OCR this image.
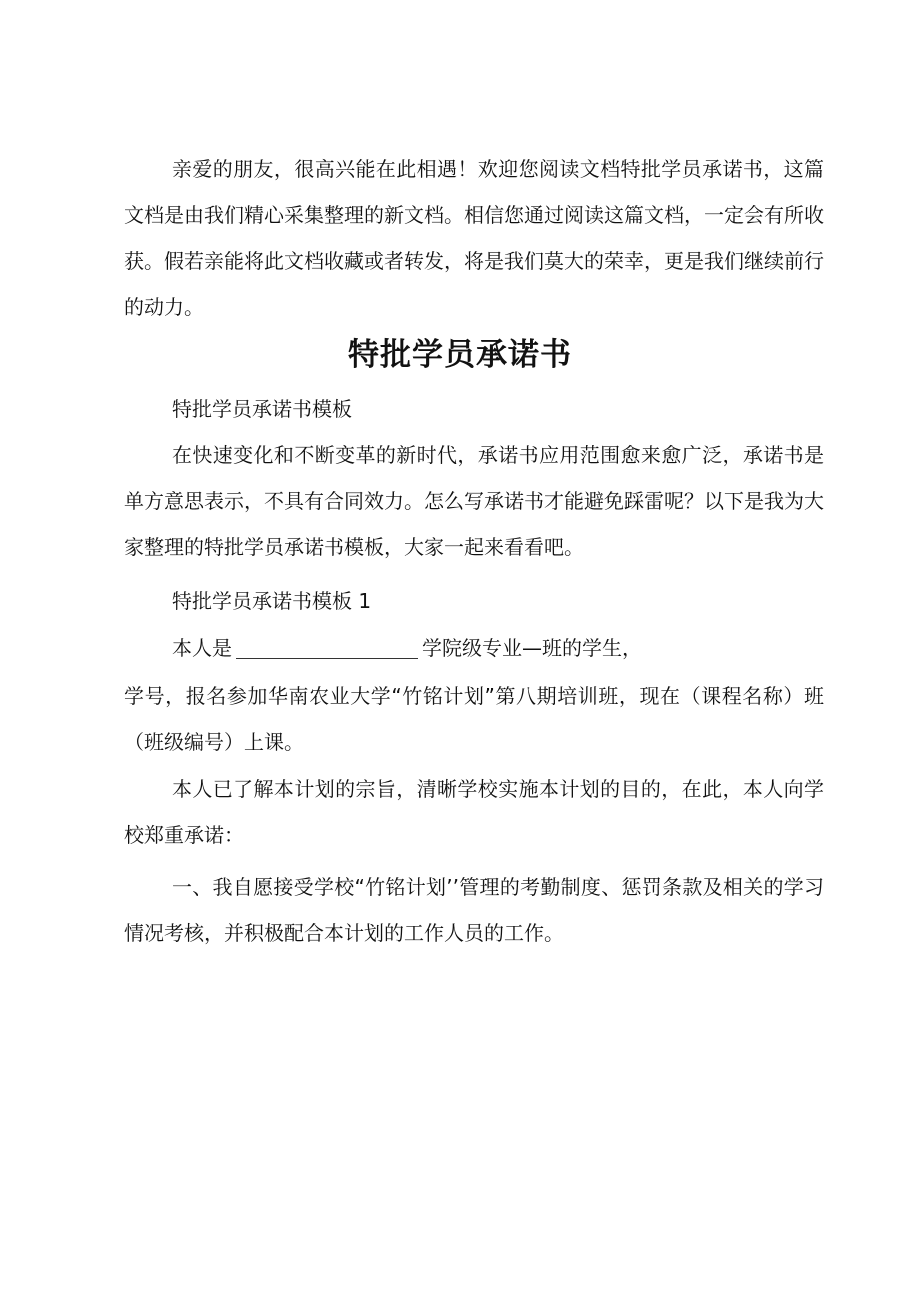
亲爱的朋友，很高兴能在此相遇！欢迎您阅读文档特批学员承诺书，这篇文档是由我们精心采集整理的新文档。相信您通过阅读这篇文档，一定会有所收获。假若亲能将此文档收藏或者转发，将是我们莫大的荣幸，更是我们继续前行的动力。

特批学员承诺书

特批学员承诺书模板

在快速变化和不断变革的新时代，承诺书应用范围愈来愈广泛，承诺书是单方意思表示，不具有合同效力。怎么写承诺书才能避免踩雷呢？以下是我为大家整理的特批学员承诺书模板，大家一起来看看吧。

特批学员承诺书模板 1

本人是	学院级专业—班的学生，

学号，报名参加华南农业大学“竹铭计划”第八期培训班，现在（课程名称）班（班级编号）上课。

本人已了解本计划的宗旨，清晰学校实施本计划的目的，在此，本人向学校郑重承诺：

一、我自愿接受学校“竹铭计划’’管理的考勤制度、惩罚条款及相关的学习情况考核，并积极配合本计划的工作人员的工作。
